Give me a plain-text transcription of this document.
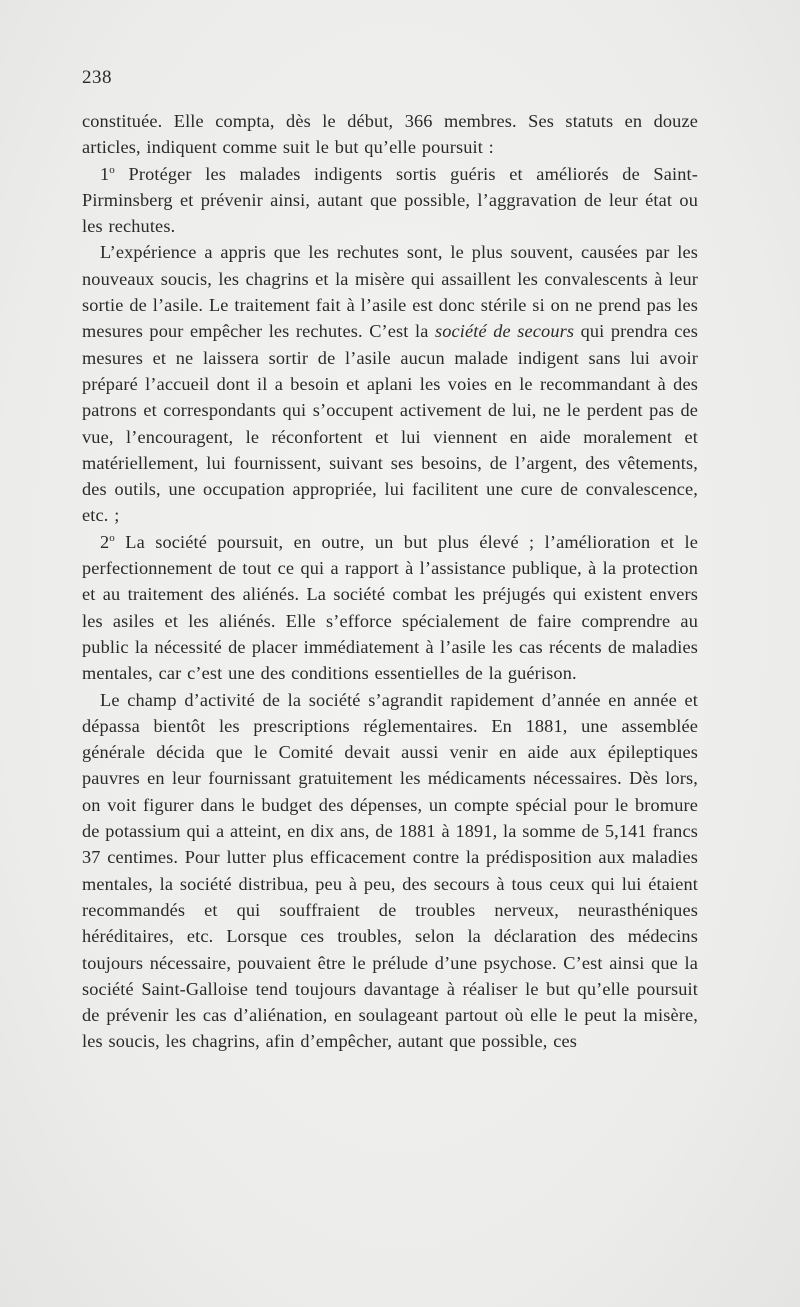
238

constituée. Elle compta, dès le début, 366 membres. Ses statuts en douze articles, indiquent comme suit le but qu’elle poursuit :

1$^o$ Protéger les malades indigents sortis guéris et améliorés de Saint-Pirminsberg et prévenir ainsi, autant que possible, l’aggravation de leur état ou les rechutes.

L’expérience a appris que les rechutes sont, le plus souvent, causées par les nouveaux soucis, les chagrins et la misère qui assaillent les convalescents à leur sortie de l’asile. Le traitement fait à l’asile est donc stérile si on ne prend pas les mesures pour empêcher les rechutes. C’est la société de secours qui prendra ces mesures et ne laissera sortir de l’asile aucun malade indigent sans lui avoir préparé l’accueil dont il a besoin et aplani les voies en le recommandant à des patrons et correspondants qui s’occupent activement de lui, ne le perdent pas de vue, l’encouragent, le réconfortent et lui viennent en aide moralement et matériellement, lui fournissent, suivant ses besoins, de l’argent, des vêtements, des outils, une occupation appropriée, lui facilitent une cure de convalescence, etc. ;

2$^o$ La société poursuit, en outre, un but plus élevé ; l’amélioration et le perfectionnement de tout ce qui a rapport à l’assistance publique, à la protection et au traitement des aliénés. La société combat les préjugés qui existent envers les asiles et les aliénés. Elle s’efforce spécialement de faire comprendre au public la nécessité de placer immédiatement à l’asile les cas récents de maladies mentales, car c’est une des conditions essentielles de la guérison.

Le champ d’activité de la société s’agrandit rapidement d’année en année et dépassa bientôt les prescriptions réglementaires. En 1881, une assemblée générale décida que le Comité devait aussi venir en aide aux épileptiques pauvres en leur fournissant gratuitement les médicaments nécessaires. Dès lors, on voit figurer dans le budget des dépenses, un compte spécial pour le bromure de potassium qui a atteint, en dix ans, de 1881 à 1891, la somme de 5,141 francs 37 centimes. Pour lutter plus efficacement contre la prédisposition aux maladies mentales, la société distribua, peu à peu, des secours à tous ceux qui lui étaient recommandés et qui souffraient de troubles nerveux, neurasthéniques héréditaires, etc. Lorsque ces troubles, selon la déclaration des médecins toujours nécessaire, pouvaient être le prélude d’une psychose. C’est ainsi que la société Saint-Galloise tend toujours davantage à réaliser le but qu’elle poursuit de prévenir les cas d’aliénation, en soulageant partout où elle le peut la misère, les soucis, les chagrins, afin d’empêcher, autant que possible, ces
